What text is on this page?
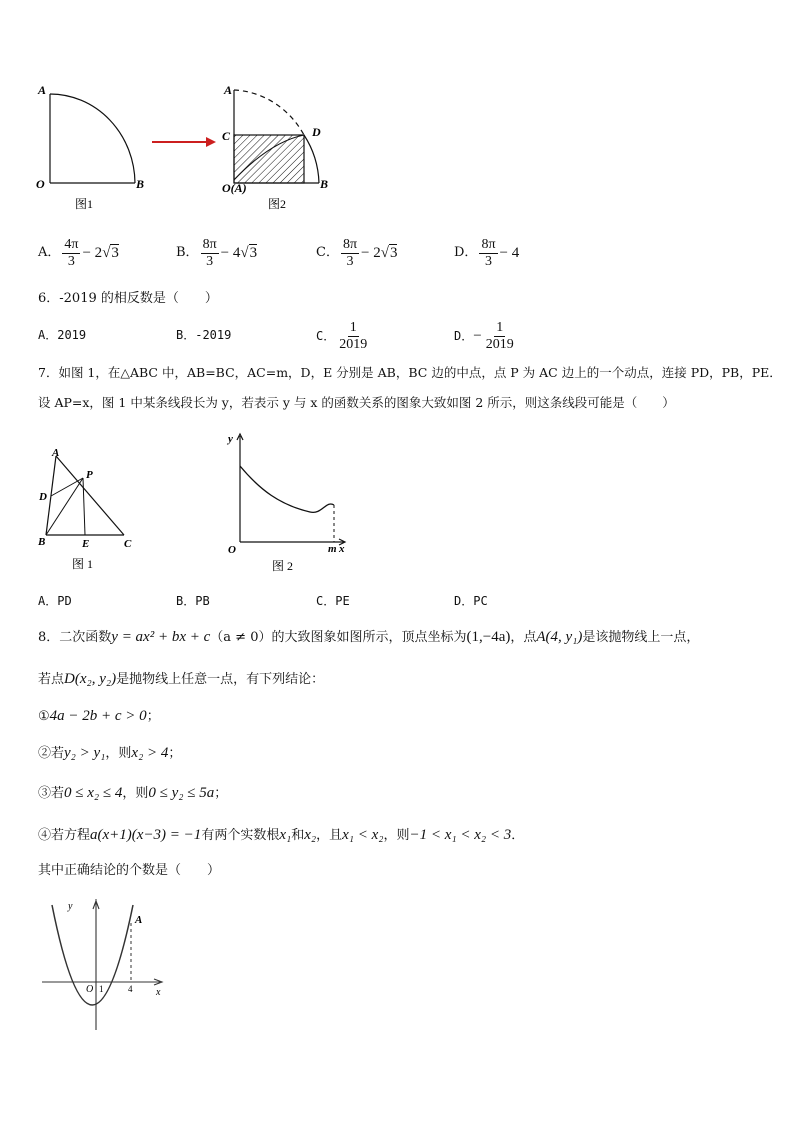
A
O	B
图1
A
C	D
O(A)	B
图2
A． $\frac{4\pi}{3} - 2$ √3	B． $\frac{8\pi}{3} - 4$ √3	C． $\frac{8\pi}{3} - 2$ √3	D． $\frac{8\pi}{3} - 4$
6．-2019 的相反数是（　　）
A．2019	B．-2019	C． $\frac{1}{2019}$	D． − $\frac{1}{2019}$
7．如图 1，在△ABC 中，AB=BC，AC=m，D，E 分别是 AB，BC 边的中点，点 P 为 AC 边上的一个动点，连接 PD，PB，PE．
设 AP=x，图 1 中某条线段长为 y，若表示 y 与 x 的函数关系的图象大致如图 2 所示，则这条线段可能是（　　）
A
P
D
B	E	C
图 1
y
O	m x
图 2
A．PD	B．PB	C．PE	D．PC
8．二次函数y = ax² + bx + c（a ≠ 0）的大致图象如图所示，顶点坐标为(1,−4a)，点A(4, y₁)是该抛物线上一点，
若点D(x₂, y₂)是抛物线上任意一点，有下列结论：
①4a − 2b + c > 0；
②若y₂ > y₁，则x₂ > 4；
③若0 ≤ x₂ ≤ 4，则0 ≤ y₂ ≤ 5a；
④若方程a(x+1)(x−3) = −1有两个实数根x₁和x₂，且x₁ < x₂，则−1 < x₁ < x₂ < 3．
其中正确结论的个数是（　　）
y
A
O 1	4 x
